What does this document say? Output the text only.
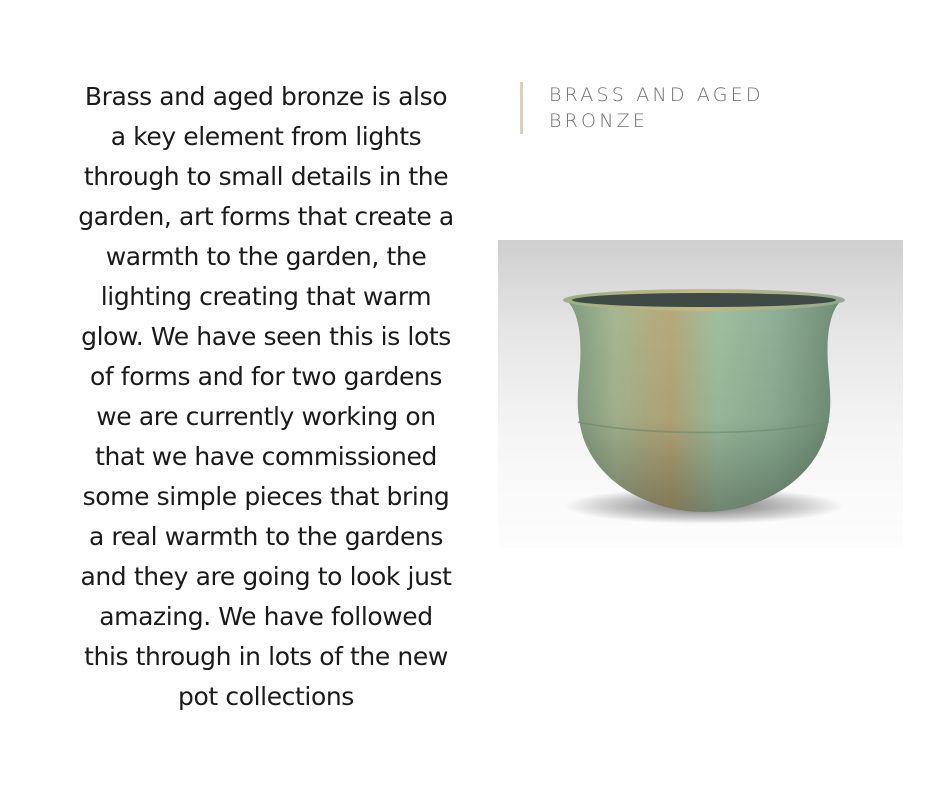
Brass and aged bronze is also a key element from lights through to small details in the garden, art forms that create a warmth to the garden, the lighting creating that warm glow. We have seen this is lots of forms and for two gardens we are currently working on that we have commissioned some simple pieces that bring a real warmth to the gardens and they are going to look just amazing. We have followed this through in lots of the new pot collections

BRASS AND AGED
BRONZE
